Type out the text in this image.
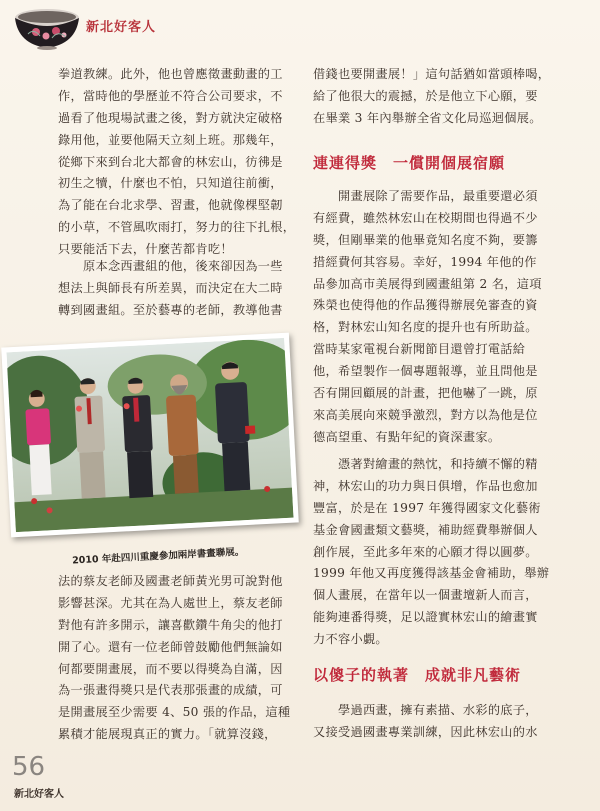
新北好客人
拳道教練。此外，他也曾應徵畫動畫的工
作，當時他的學歷並不符合公司要求，不
過看了他現場試畫之後，對方就決定破格
錄用他，並要他隔天立刻上班。那幾年，
從鄉下來到台北大都會的林宏山，彷彿是
初生之犢，什麼也不怕，只知道往前衝，
為了能在台北求學、習畫，他就像棵堅韌
的小草，不管風吹雨打，努力的往下扎根，
只要能活下去，什麼苦都肯吃！
　　原本念西畫組的他，後來卻因為一些
想法上與師長有所差異，而決定在大二時
轉到國畫組。至於藝專的老師，教導他書
2010 年赴四川重慶參加兩岸書畫聯展。
法的蔡友老師及國畫老師黃光男可說對他
影響甚深。尤其在為人處世上，蔡友老師
對他有許多開示，讓喜歡鑽牛角尖的他打
開了心。還有一位老師曾鼓勵他們無論如
何都要開畫展，而不要以得獎為自滿，因
為一張畫得獎只是代表那張畫的成績，可
是開畫展至少需要 4、50 張的作品，這種
累積才能展現真正的實力。「就算沒錢，
借錢也要開畫展！」這句話猶如當頭棒喝，
給了他很大的震撼，於是他立下心願，要
在畢業 3 年內舉辦全省文化局巡迴個展。
連連得獎　一償開個展宿願
　　開畫展除了需要作品，最重要還必須
有經費，雖然林宏山在校期間也得過不少
獎，但剛畢業的他畢竟知名度不夠，要籌
措經費何其容易。幸好，1994 年他的作
品參加高市美展得到國畫組第 2 名，這項
殊榮也使得他的作品獲得辦展免審查的資
格，對林宏山知名度的提升也有所助益。
當時某家電視台新聞節目還曾打電話給
他，希望製作一個專題報導，並且問他是
否有開回顧展的計畫，把他嚇了一跳，原
來高美展向來競爭激烈，對方以為他是位
德高望重、有點年紀的資深畫家。
　　憑著對繪畫的熱忱，和持續不懈的精
神，林宏山的功力與日俱增，作品也愈加
豐富，於是在 1997 年獲得國家文化藝術
基金會國畫類文藝獎，補助經費舉辦個人
創作展，至此多年來的心願才得以圓夢。
1999 年他又再度獲得該基金會補助，舉辦
個人畫展，在當年以一個畫壇新人而言，
能夠連番得獎，足以證實林宏山的繪畫實
力不容小覷。
以傻子的執著　成就非凡藝術
　　學過西畫，擁有素描、水彩的底子，
又接受過國畫專業訓練，因此林宏山的水
56
新北好客人
